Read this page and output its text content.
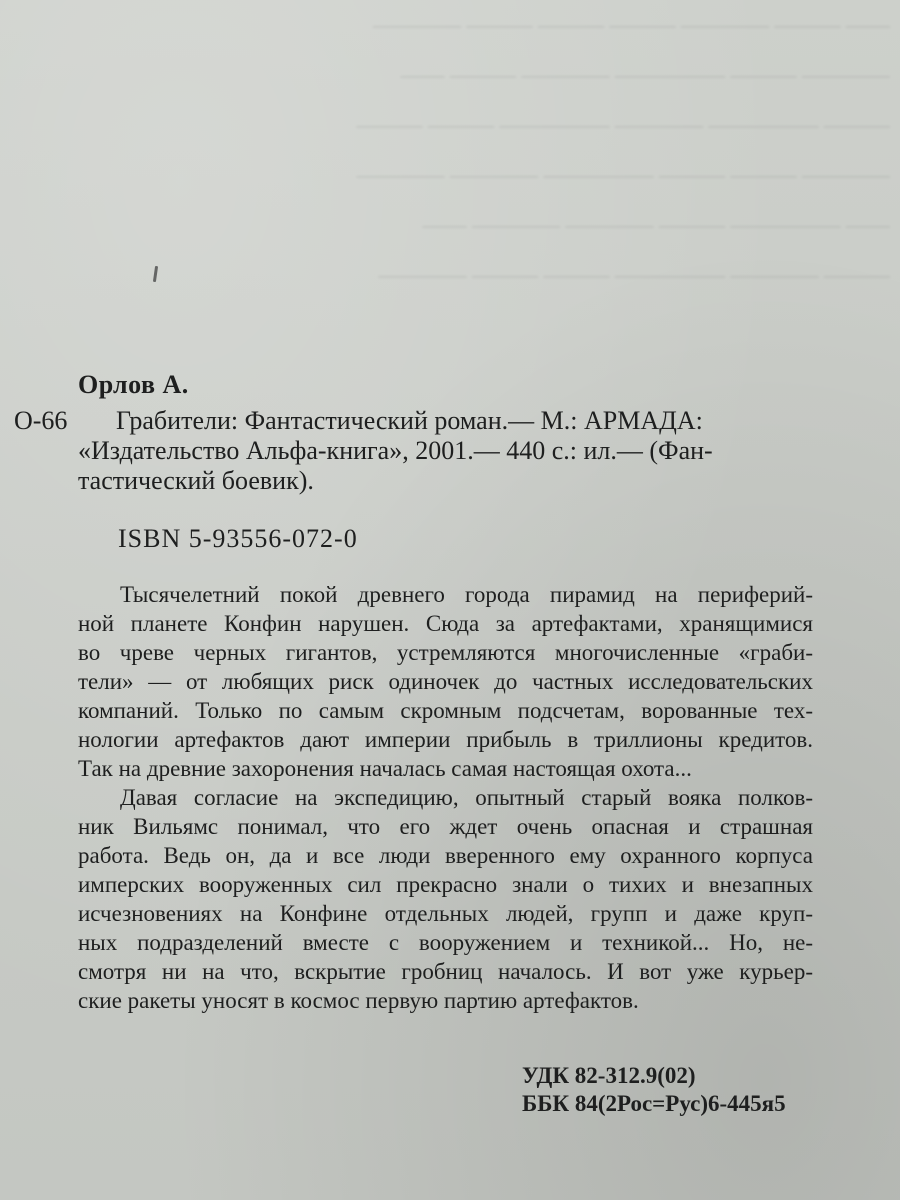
—— ——— ———— ——— ——— ——— ————
———— ——— ————— ———— ——— ——
——— ————— ———— ————— ——— ———
———— ——— ——— ————— ———— ————
—— ————— ——— ———— ———— ——
——— ———— ————— ——— ——— ————
Орлов А.
О-66	Грабители: Фантастический роман.— М.: АРМАДА:
«Издательство Альфа-книга», 2001.— 440 с.: ил.— (Фан-
тастический боевик).
ISBN 5-93556-072-0
Тысячелетний покой древнего города пирамид на периферий-
ной планете Конфин нарушен. Сюда за артефактами, хранящимися
во чреве черных гигантов, устремляются многочисленные «граби-
тели» — от любящих риск одиночек до частных исследовательских
компаний. Только по самым скромным подсчетам, ворованные тех-
нологии артефактов дают империи прибыль в триллионы кредитов.
Так на древние захоронения началась самая настоящая охота...
Давая согласие на экспедицию, опытный старый вояка полков-
ник Вильямс понимал, что его ждет очень опасная и страшная
работа. Ведь он, да и все люди вверенного ему охранного корпуса
имперских вооруженных сил прекрасно знали о тихих и внезапных
исчезновениях на Конфине отдельных людей, групп и даже круп-
ных подразделений вместе с вооружением и техникой... Но, не-
смотря ни на что, вскрытие гробниц началось. И вот уже курьер-
ские ракеты уносят в космос первую партию артефактов.
УДК 82-312.9(02)
ББК 84(2Рос=Рус)6-445я5
